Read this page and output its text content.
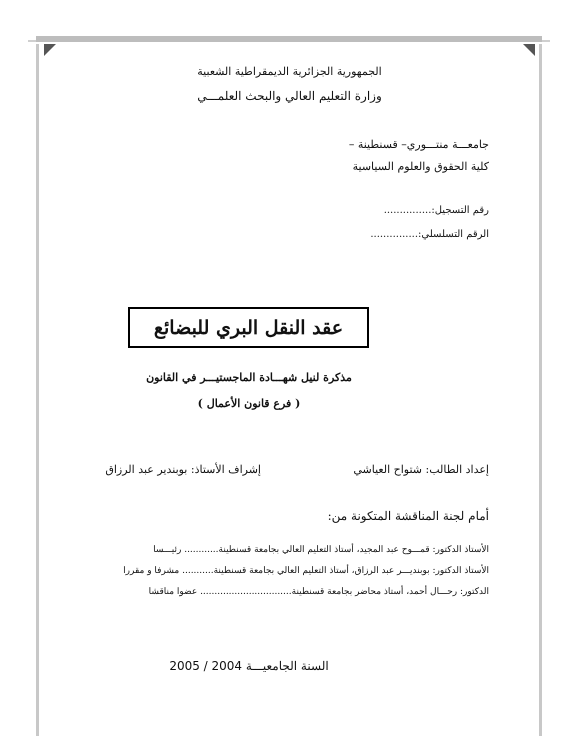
الجمهورية الجزائرية الديمقراطية الشعبية
وزارة التعليم العالي والبحث العلمـــي
جامعـــة منتـــوري– قسنطينة –
كلية الحقوق والعلوم السياسية
رقم التسجيل:...............
الرقم التسلسلي:...............
عقد النقل البري للبضائع
مذكرة لنيل شهـــادة الماجستيـــر في القانون
( فرع قانون الأعمال )
إعداد الطالب: شتواح العياشي
إشراف الأستاذ: بوبندير عبد الرزاق
أمام لجنة المناقشة المتكونة من:
الأستاذ الدكتور: قمـــوح عبد المجيد، أستاذ التعليم العالي بجامعة قسنطينة............ رئيـــسا
الأستاذ الدكتور: بوبنديـــر عبد الرزاق، أستاذ التعليم العالي بجامعة قسنطينة........... مشرفا و مقررا
الدكتور: رحـــال أحمد، أستاذ محاضر بجامعة قسنطينة................................ عضوا مناقشا
السنة الجامعيـــة 2004 / 2005
